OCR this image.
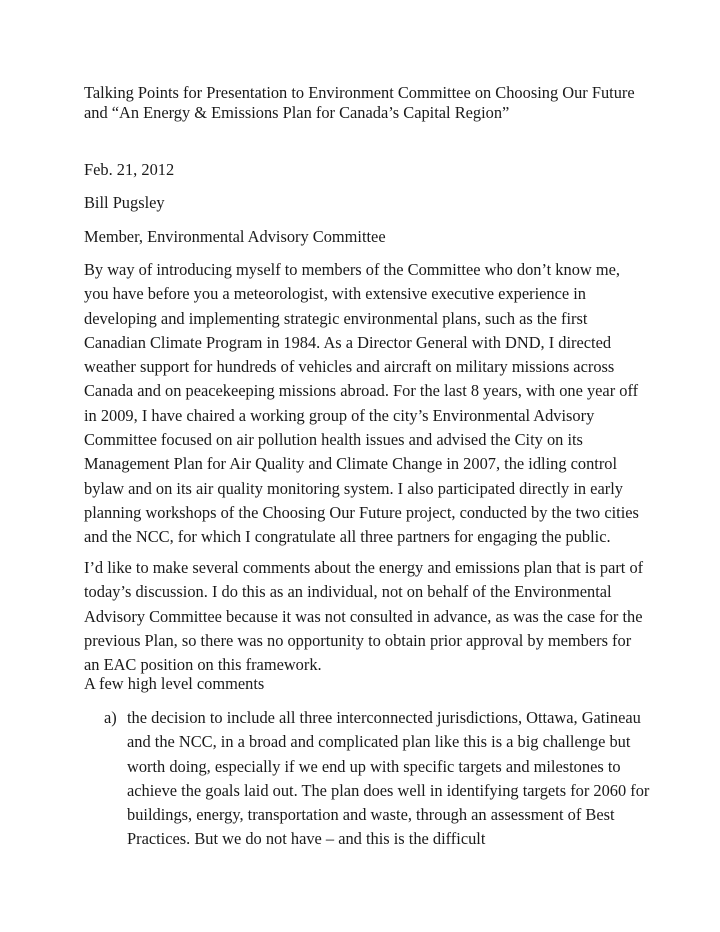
Talking Points for Presentation to Environment Committee on Choosing Our Future and “An Energy & Emissions Plan for Canada’s Capital Region”

Feb. 21, 2012

Bill Pugsley

Member, Environmental Advisory Committee

By way of introducing myself to members of the Committee who don’t know me, you have before you a meteorologist, with extensive executive experience in developing and implementing strategic environmental plans, such as the first Canadian Climate Program in 1984. As a Director General with DND, I directed weather support for hundreds of vehicles and aircraft on military missions across Canada and on peacekeeping missions abroad. For the last 8 years, with one year off in 2009, I have chaired a working group of the city’s Environmental Advisory Committee focused on air pollution health issues and advised the City on its Management Plan for Air Quality and Climate Change in 2007, the idling control bylaw and on its air quality monitoring system. I also participated directly in early planning workshops of the Choosing Our Future project, conducted by the two cities and the NCC, for which I congratulate all three partners for engaging the public.

I’d like to make several comments about the energy and emissions plan that is part of today’s discussion. I do this as an individual, not on behalf of the Environmental Advisory Committee because it was not consulted in advance, as was the case for the previous Plan, so there was no opportunity to obtain prior approval by members for an EAC position on this framework.

A few high level comments

a) the decision to include all three interconnected jurisdictions, Ottawa, Gatineau and the NCC, in a broad and complicated plan like this is a big challenge but worth doing, especially if we end up with specific targets and milestones to achieve the goals laid out. The plan does well in identifying targets for 2060 for buildings, energy, transportation and waste, through an assessment of Best Practices. But we do not have – and this is the difficult
